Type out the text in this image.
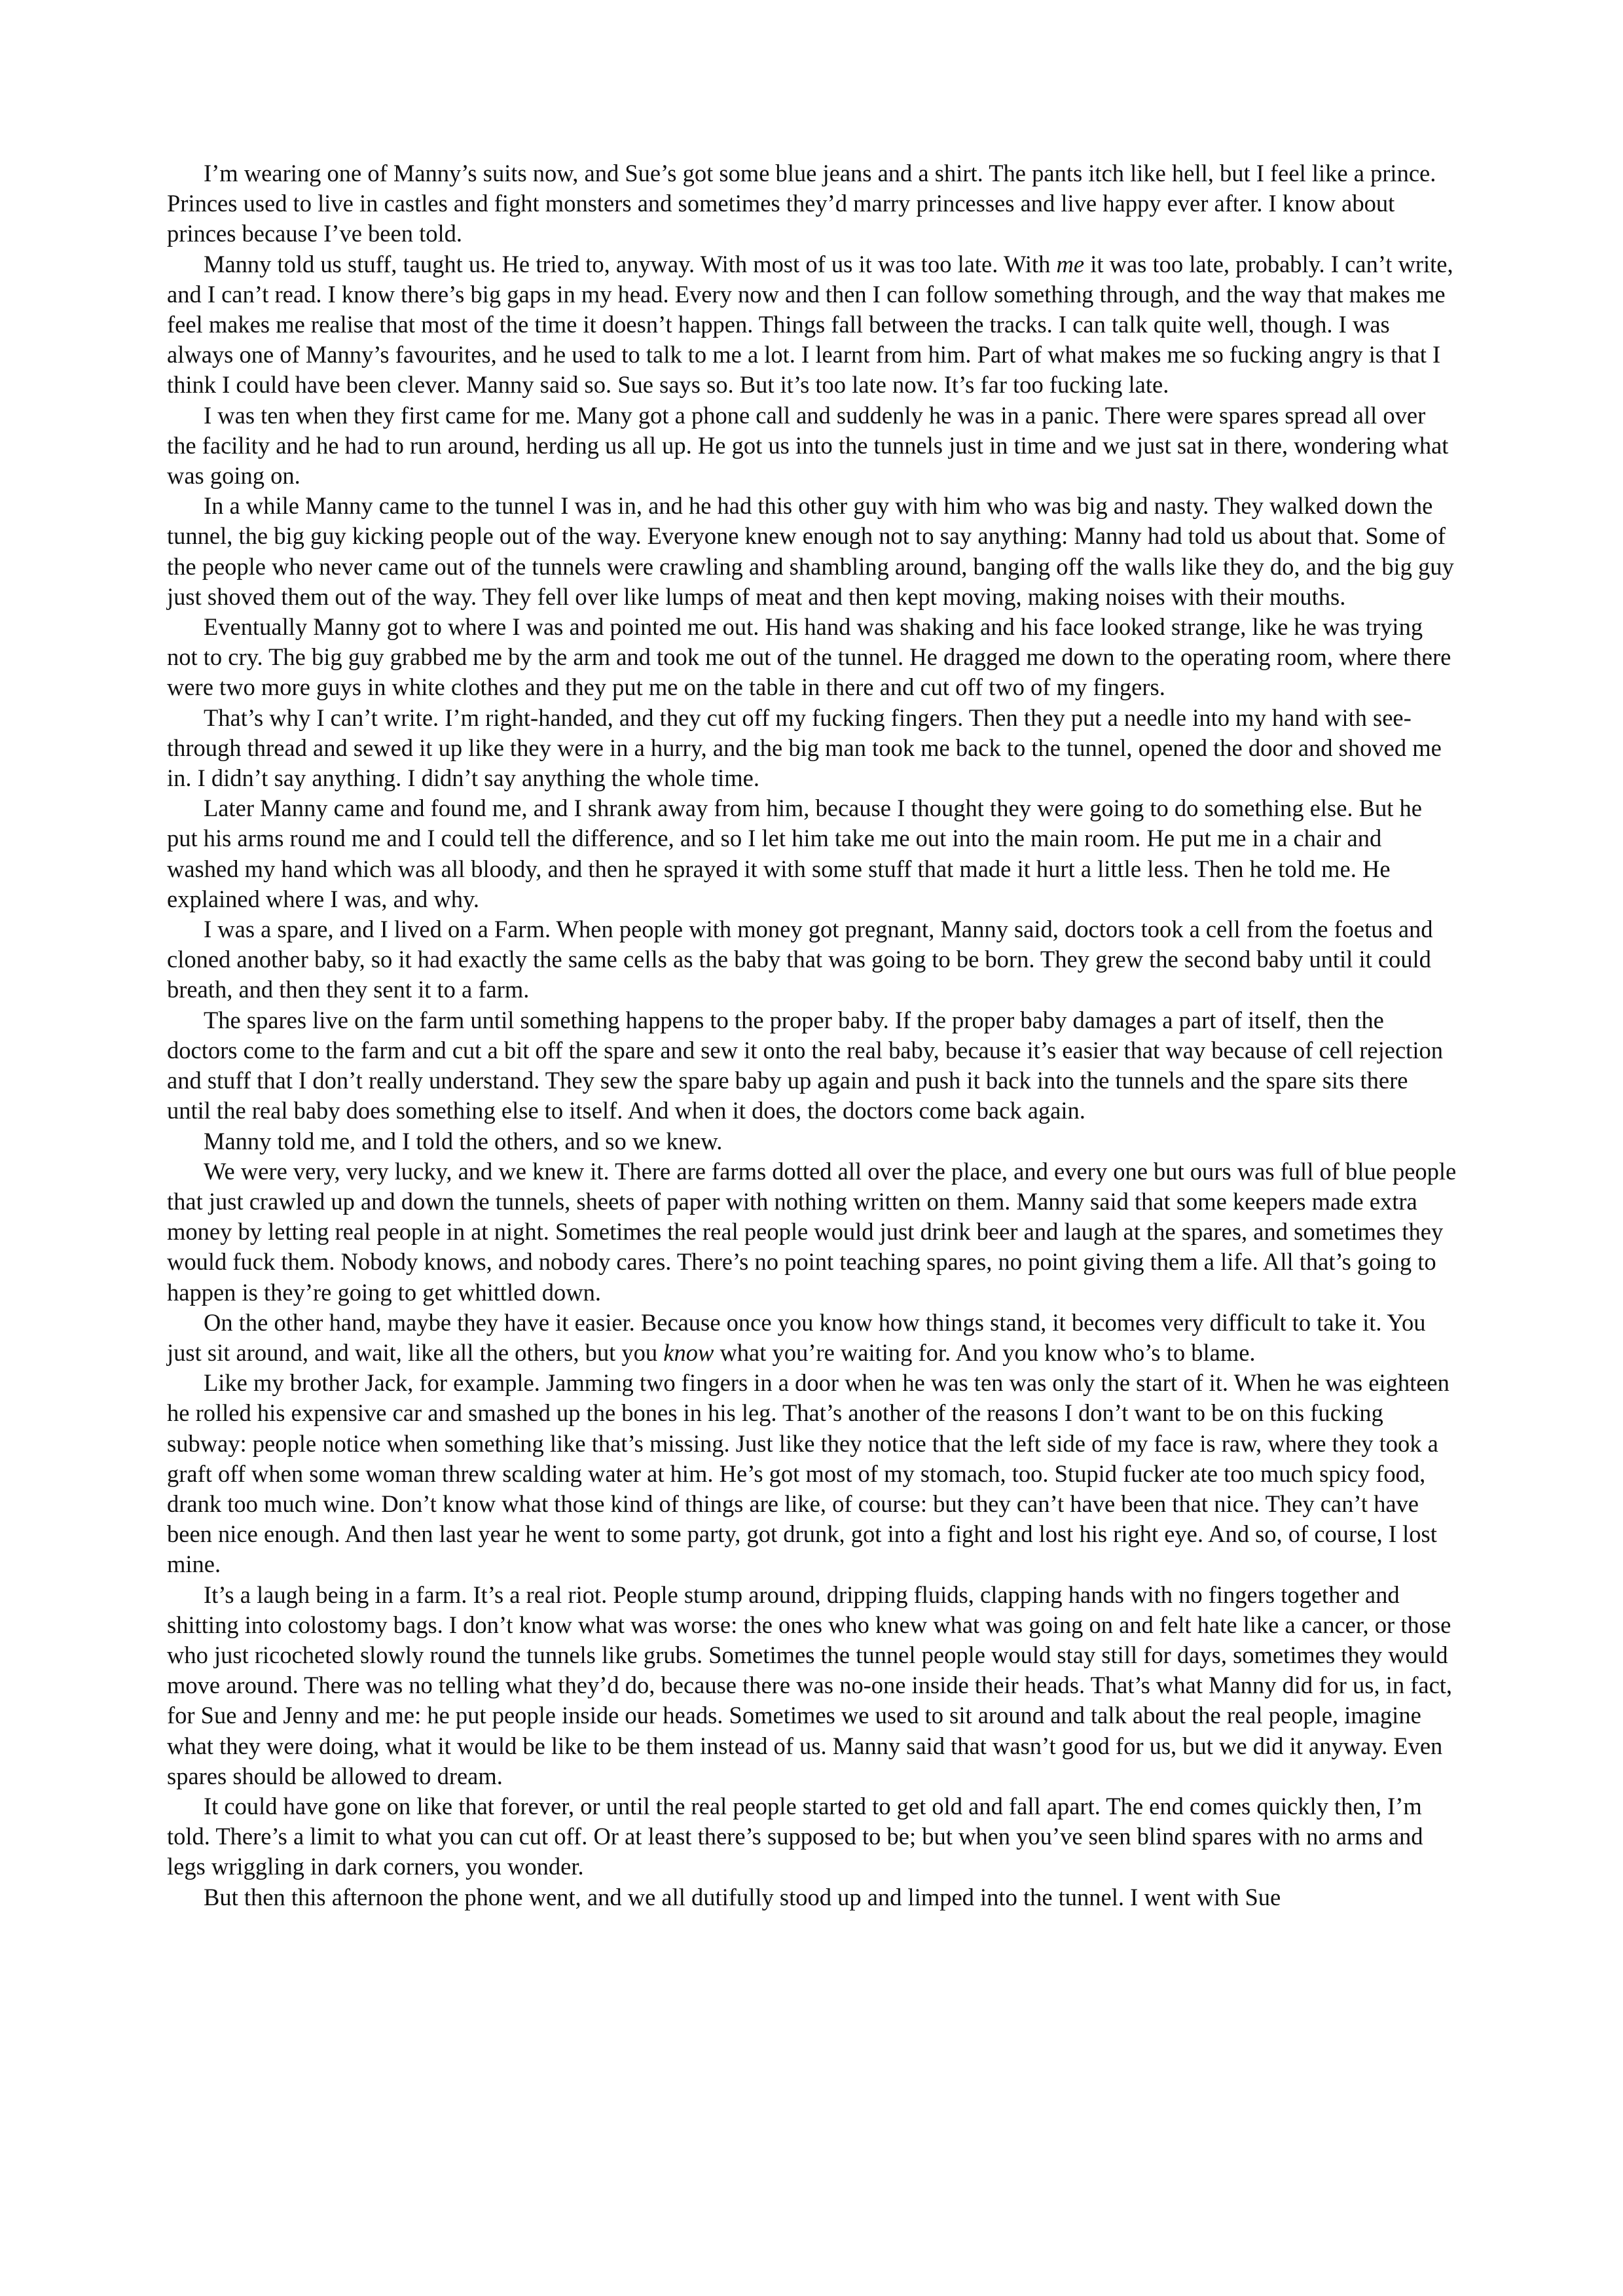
I’m wearing one of Manny’s suits now, and Sue’s got some blue jeans and a shirt. The pants itch like hell, but I feel like a prince. Princes used to live in castles and fight monsters and sometimes they’d marry princesses and live happy ever after. I know about princes because I’ve been told.

Manny told us stuff, taught us. He tried to, anyway. With most of us it was too late. With me it was too late, probably. I can’t write, and I can’t read. I know there’s big gaps in my head. Every now and then I can follow something through, and the way that makes me feel makes me realise that most of the time it doesn’t happen. Things fall between the tracks. I can talk quite well, though. I was always one of Manny’s favourites, and he used to talk to me a lot. I learnt from him. Part of what makes me so fucking angry is that I think I could have been clever. Manny said so. Sue says so. But it’s too late now. It’s far too fucking late.

I was ten when they first came for me. Many got a phone call and suddenly he was in a panic. There were spares spread all over the facility and he had to run around, herding us all up. He got us into the tunnels just in time and we just sat in there, wondering what was going on.

In a while Manny came to the tunnel I was in, and he had this other guy with him who was big and nasty. They walked down the tunnel, the big guy kicking people out of the way. Everyone knew enough not to say anything: Manny had told us about that. Some of the people who never came out of the tunnels were crawling and shambling around, banging off the walls like they do, and the big guy just shoved them out of the way. They fell over like lumps of meat and then kept moving, making noises with their mouths.

Eventually Manny got to where I was and pointed me out. His hand was shaking and his face looked strange, like he was trying not to cry. The big guy grabbed me by the arm and took me out of the tunnel. He dragged me down to the operating room, where there were two more guys in white clothes and they put me on the table in there and cut off two of my fingers.

That’s why I can’t write. I’m right-handed, and they cut off my fucking fingers. Then they put a needle into my hand with see-through thread and sewed it up like they were in a hurry, and the big man took me back to the tunnel, opened the door and shoved me in. I didn’t say anything. I didn’t say anything the whole time.

Later Manny came and found me, and I shrank away from him, because I thought they were going to do something else. But he put his arms round me and I could tell the difference, and so I let him take me out into the main room. He put me in a chair and washed my hand which was all bloody, and then he sprayed it with some stuff that made it hurt a little less. Then he told me. He explained where I was, and why.

I was a spare, and I lived on a Farm. When people with money got pregnant, Manny said, doctors took a cell from the foetus and cloned another baby, so it had exactly the same cells as the baby that was going to be born. They grew the second baby until it could breath, and then they sent it to a farm.

The spares live on the farm until something happens to the proper baby. If the proper baby damages a part of itself, then the doctors come to the farm and cut a bit off the spare and sew it onto the real baby, because it’s easier that way because of cell rejection and stuff that I don’t really understand. They sew the spare baby up again and push it back into the tunnels and the spare sits there until the real baby does something else to itself. And when it does, the doctors come back again.

Manny told me, and I told the others, and so we knew.

We were very, very lucky, and we knew it. There are farms dotted all over the place, and every one but ours was full of blue people that just crawled up and down the tunnels, sheets of paper with nothing written on them. Manny said that some keepers made extra money by letting real people in at night. Sometimes the real people would just drink beer and laugh at the spares, and sometimes they would fuck them. Nobody knows, and nobody cares. There’s no point teaching spares, no point giving them a life. All that’s going to happen is they’re going to get whittled down.

On the other hand, maybe they have it easier. Because once you know how things stand, it becomes very difficult to take it. You just sit around, and wait, like all the others, but you know what you’re waiting for. And you know who’s to blame.

Like my brother Jack, for example. Jamming two fingers in a door when he was ten was only the start of it. When he was eighteen he rolled his expensive car and smashed up the bones in his leg. That’s another of the reasons I don’t want to be on this fucking subway: people notice when something like that’s missing. Just like they notice that the left side of my face is raw, where they took a graft off when some woman threw scalding water at him. He’s got most of my stomach, too. Stupid fucker ate too much spicy food, drank too much wine. Don’t know what those kind of things are like, of course: but they can’t have been that nice. They can’t have been nice enough. And then last year he went to some party, got drunk, got into a fight and lost his right eye. And so, of course, I lost mine.

It’s a laugh being in a farm. It’s a real riot. People stump around, dripping fluids, clapping hands with no fingers together and shitting into colostomy bags. I don’t know what was worse: the ones who knew what was going on and felt hate like a cancer, or those who just ricocheted slowly round the tunnels like grubs. Sometimes the tunnel people would stay still for days, sometimes they would move around. There was no telling what they’d do, because there was no-one inside their heads. That’s what Manny did for us, in fact, for Sue and Jenny and me: he put people inside our heads. Sometimes we used to sit around and talk about the real people, imagine what they were doing, what it would be like to be them instead of us. Manny said that wasn’t good for us, but we did it anyway. Even spares should be allowed to dream.

It could have gone on like that forever, or until the real people started to get old and fall apart. The end comes quickly then, I’m told. There’s a limit to what you can cut off. Or at least there’s supposed to be; but when you’ve seen blind spares with no arms and legs wriggling in dark corners, you wonder.

But then this afternoon the phone went, and we all dutifully stood up and limped into the tunnel. I went with Sue
